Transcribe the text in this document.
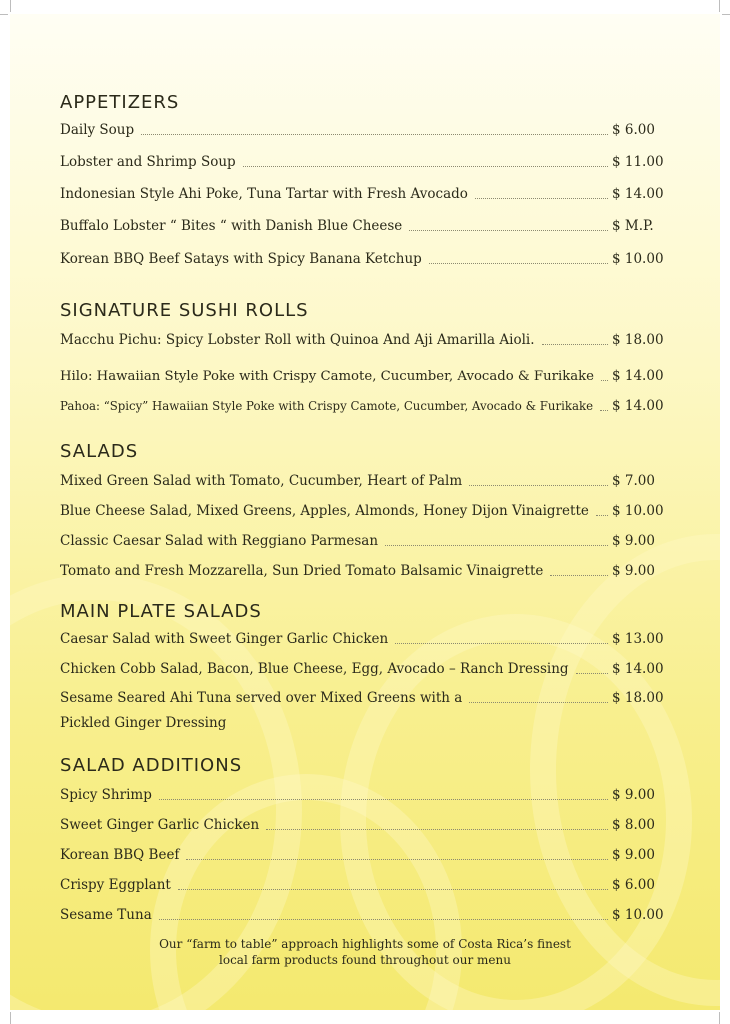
APPETIZERS
Daily Soup	$ 6.00
Lobster and Shrimp Soup	$ 11.00
Indonesian Style Ahi Poke, Tuna Tartar with Fresh Avocado	$ 14.00
Buffalo Lobster “ Bites “ with Danish Blue Cheese	$ M.P.
Korean BBQ Beef Satays with Spicy Banana Ketchup	$ 10.00
SIGNATURE SUSHI ROLLS
Macchu Pichu: Spicy Lobster Roll with Quinoa And Aji Amarilla Aioli.	$ 18.00
Hilo: Hawaiian Style Poke with Crispy Camote, Cucumber, Avocado & Furikake $ 14.00
Pahoa: “Spicy” Hawaiian Style Poke with Crispy Camote, Cucumber, Avocado & Furikake $ 14.00
SALADS
Mixed Green Salad with Tomato, Cucumber, Heart of Palm	$ 7.00
Blue Cheese Salad, Mixed Greens, Apples, Almonds, Honey Dijon Vinaigrette $ 10.00
Classic Caesar Salad with Reggiano Parmesan	$ 9.00
Tomato and Fresh Mozzarella, Sun Dried Tomato Balsamic Vinaigrette	$ 9.00
MAIN PLATE SALADS
Caesar Salad with Sweet Ginger Garlic Chicken	$ 13.00
Chicken Cobb Salad, Bacon, Blue Cheese, Egg, Avocado – Ranch Dressing	$ 14.00
Sesame Seared Ahi Tuna served over Mixed Greens with a	$ 18.00
Pickled Ginger Dressing
SALAD ADDITIONS
Spicy Shrimp	$ 9.00
Sweet Ginger Garlic Chicken	$ 8.00
Korean BBQ Beef	$ 9.00
Crispy Eggplant	$ 6.00
Sesame Tuna	$ 10.00
Our “farm to table” approach highlights some of Costa Rica’s finest
local farm products found throughout our menu
